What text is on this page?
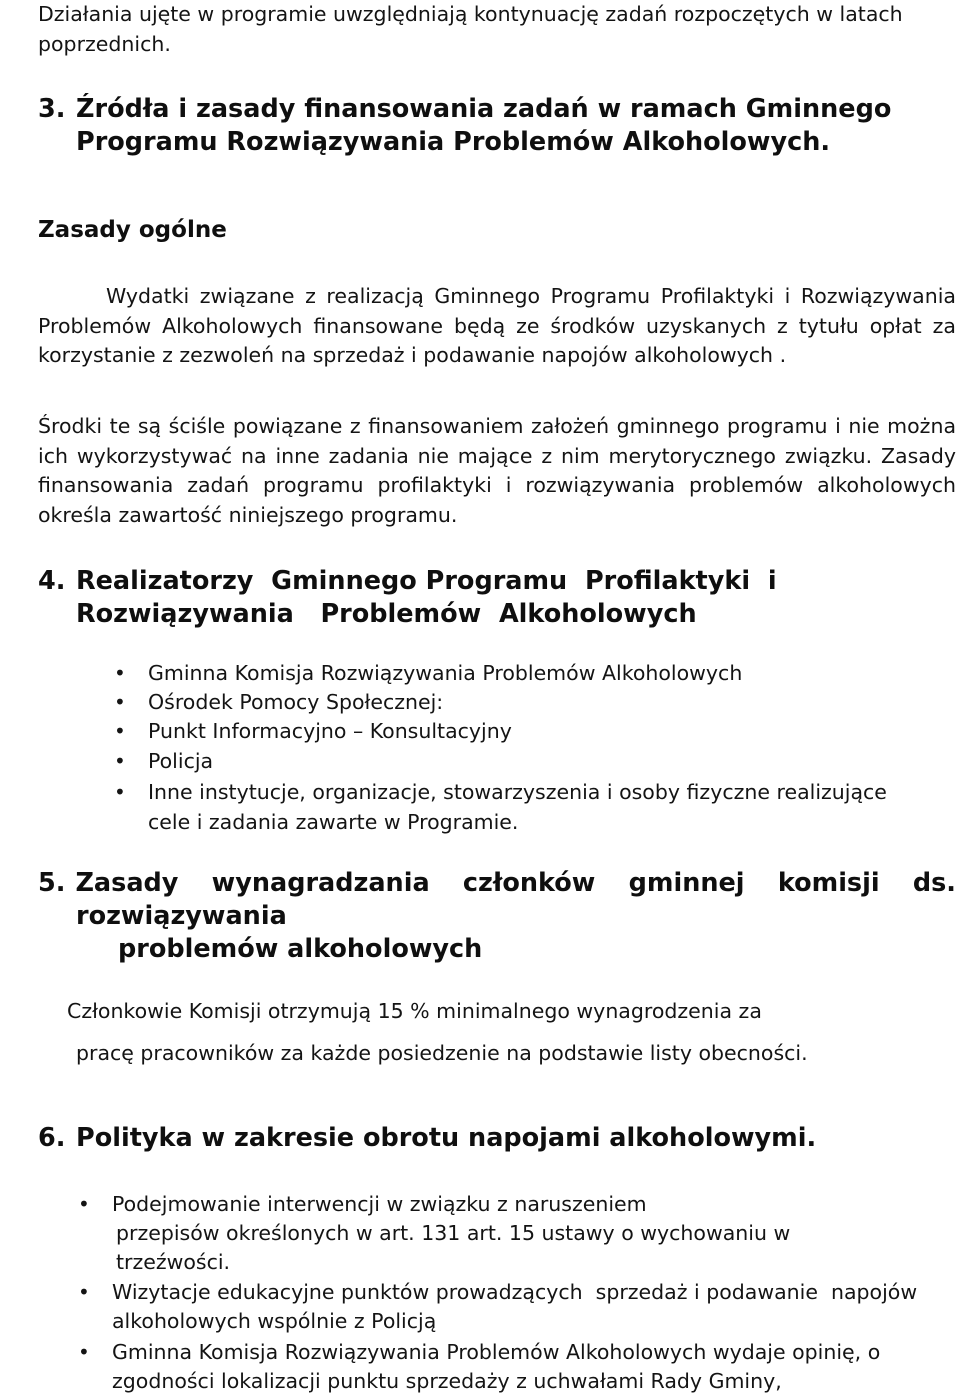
Działania ujęte w programie uwzględniają kontynuację zadań rozpoczętych w latach poprzednich.

3. Źródła i zasady finansowania zadań w ramach Gminnego
Programu Rozwiązywania Problemów Alkoholowych.
Zasady ogólne

Wydatki związane z realizacją Gminnego Programu Profilaktyki i Rozwiązywania Problemów Alkoholowych finansowane będą ze środków uzyskanych z tytułu opłat za korzystanie z zezwoleń na sprzedaż i podawanie napojów alkoholowych .

Środki te są ściśle powiązane z finansowaniem założeń gminnego programu i nie można ich wykorzystywać na inne zadania nie mające z nim merytorycznego związku. Zasady finansowania zadań programu profilaktyki i rozwiązywania problemów alkoholowych określa zawartość niniejszego programu.

4. Realizatorzy  Gminnego Programu  Profilaktyki  i
Rozwiązywania   Problemów  Alkoholowych
• Gminna Komisja Rozwiązywania Problemów Alkoholowych
• Ośrodek Pomocy Społecznej:
• Punkt Informacyjno – Konsultacyjny
• Policja
• Inne instytucje, organizacje, stowarzyszenia i osoby fizyczne realizujące cele i zadania zawarte w Programie.
5. Zasady wynagradzania członków gminnej komisji ds.
rozwiązywania
problemów alkoholowych

Członkowie Komisji otrzymują 15 % minimalnego wynagrodzenia za

pracę pracowników za każde posiedzenie na podstawie listy obecności.

6. Polityka w zakresie obrotu napojami alkoholowymi.
• Podejmowanie interwencji w związku z naruszeniem
przepisów określonych w art. 131 art. 15 ustawy o wychowaniu w
trzeźwości.
• Wizytacje edukacyjne punktów prowadzących  sprzedaż i podawanie  napojów
alkoholowych wspólnie z Policją
• Gminna Komisja Rozwiązywania Problemów Alkoholowych wydaje opinię, o
zgodności lokalizacji punktu sprzedaży z uchwałami Rady Gminy,
